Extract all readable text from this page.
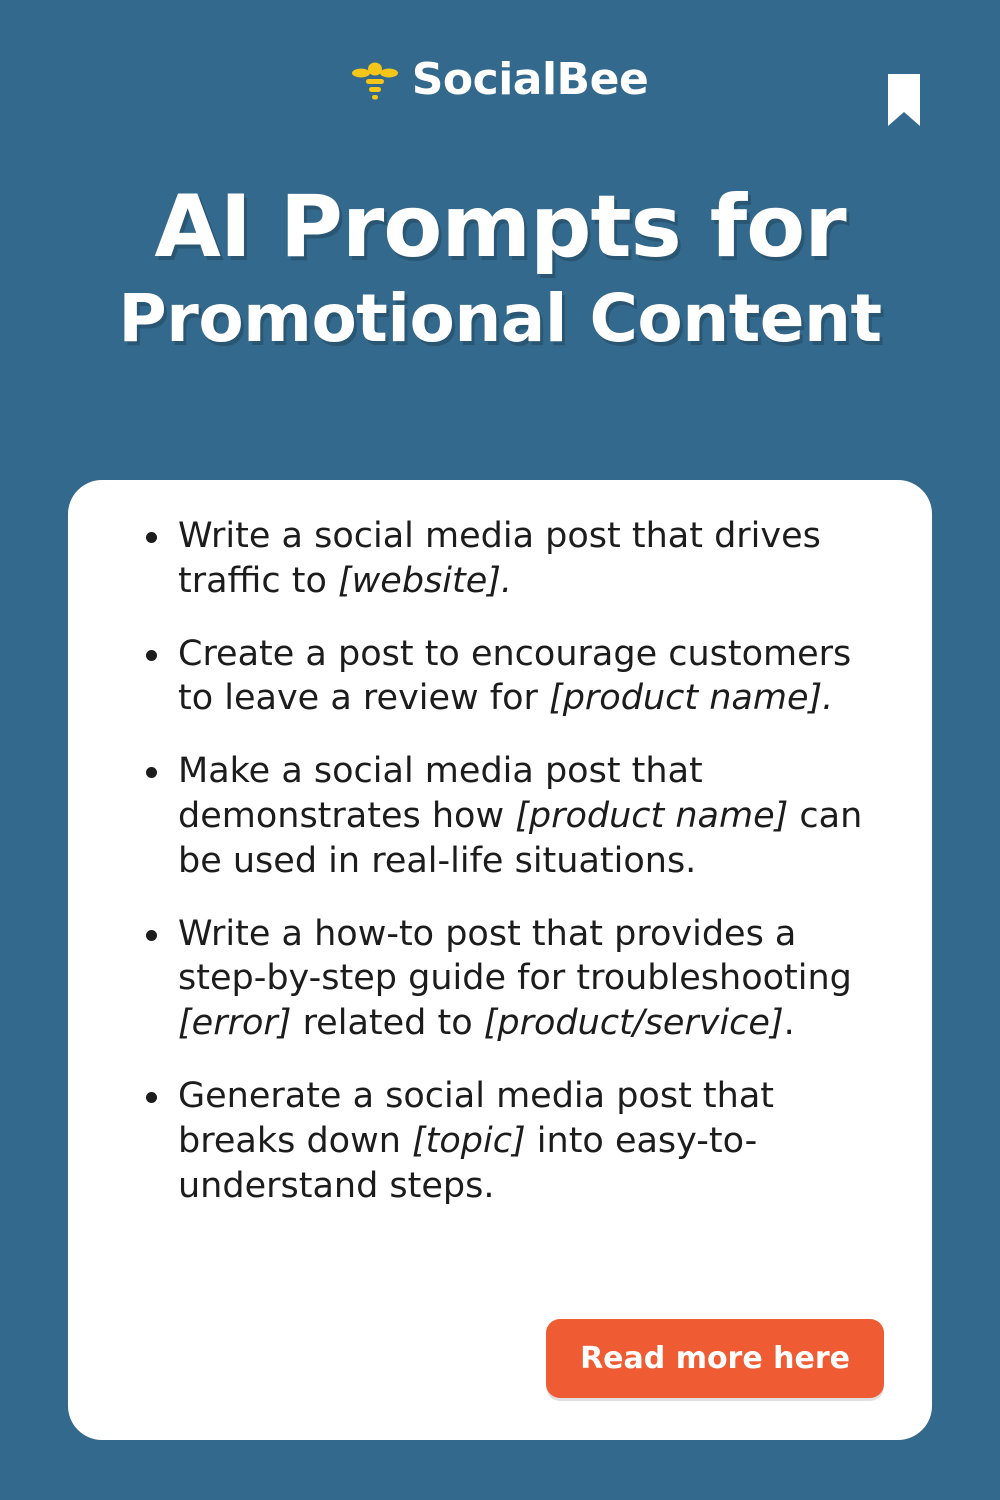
SocialBee
AI Prompts for
Promotional Content
Write a social media post that drives traffic to [website].
Create a post to encourage customers to leave a review for [product name].
Make a social media post that demonstrates how [product name] can be used in real-life situations.
Write a how-to post that provides a step-by-step guide for troubleshooting [error] related to [product/service].
Generate a social media post that breaks down [topic] into easy-to-understand steps.
Read more here
